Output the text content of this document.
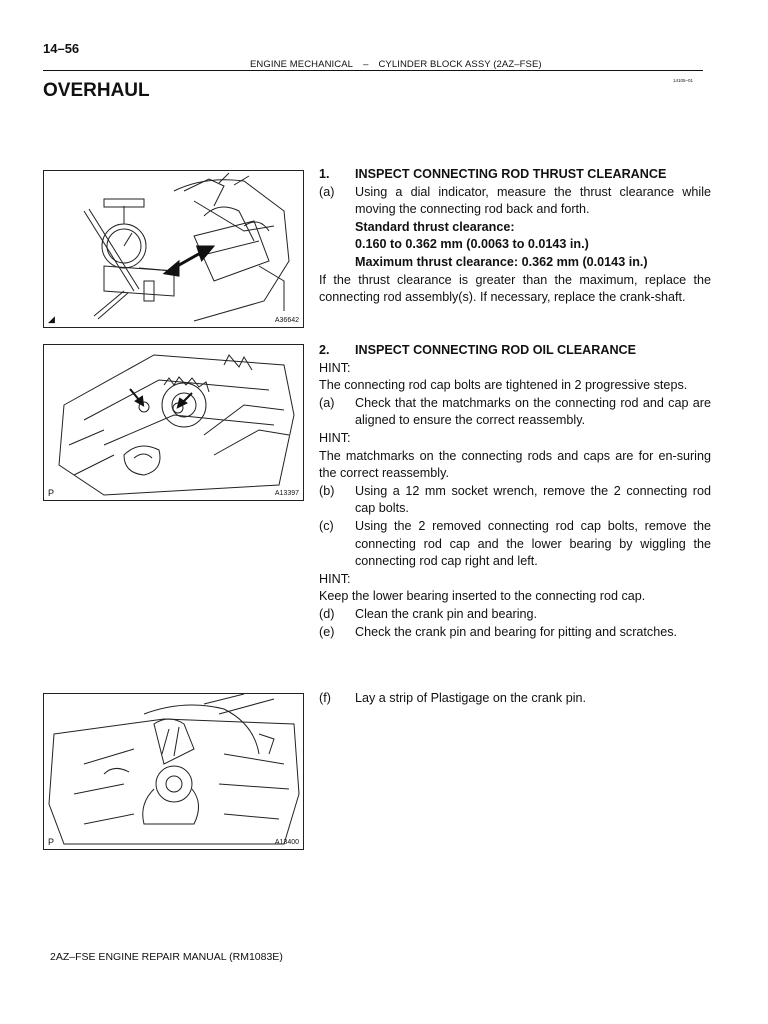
14–56
ENGINE MECHANICAL – CYLINDER BLOCK ASSY (2AZ–FSE)
OVERHAUL	14105–01
◢	A36642
P	A13397
P	A13400
1. INSPECT CONNECTING ROD THRUST CLEARANCE
(a)	Using a dial indicator, measure the thrust clearance while moving the connecting rod back and forth.
Standard thrust clearance:
0.160 to 0.362 mm (0.0063 to 0.0143 in.)
Maximum thrust clearance: 0.362 mm (0.0143 in.)
If the thrust clearance is greater than the maximum, replace the connecting rod assembly(s). If necessary, replace the crank-shaft.
2. INSPECT CONNECTING ROD OIL CLEARANCE
HINT:
The connecting rod cap bolts are tightened in 2 progressive steps.
(a)	Check that the matchmarks on the connecting rod and cap are aligned to ensure the correct reassembly.
HINT:
The matchmarks on the connecting rods and caps are for en-suring the correct reassembly.
(b)	Using a 12 mm socket wrench, remove the 2 connecting rod cap bolts.
(c)	Using the 2 removed connecting rod cap bolts, remove the connecting rod cap and the lower bearing by wiggling the connecting rod cap right and left.
HINT:
Keep the lower bearing inserted to the connecting rod cap.
(d)	Clean the crank pin and bearing.
(e)	Check the crank pin and bearing for pitting and scratches.
(f)	Lay a strip of Plastigage on the crank pin.
2AZ–FSE ENGINE REPAIR MANUAL (RM1083E)
